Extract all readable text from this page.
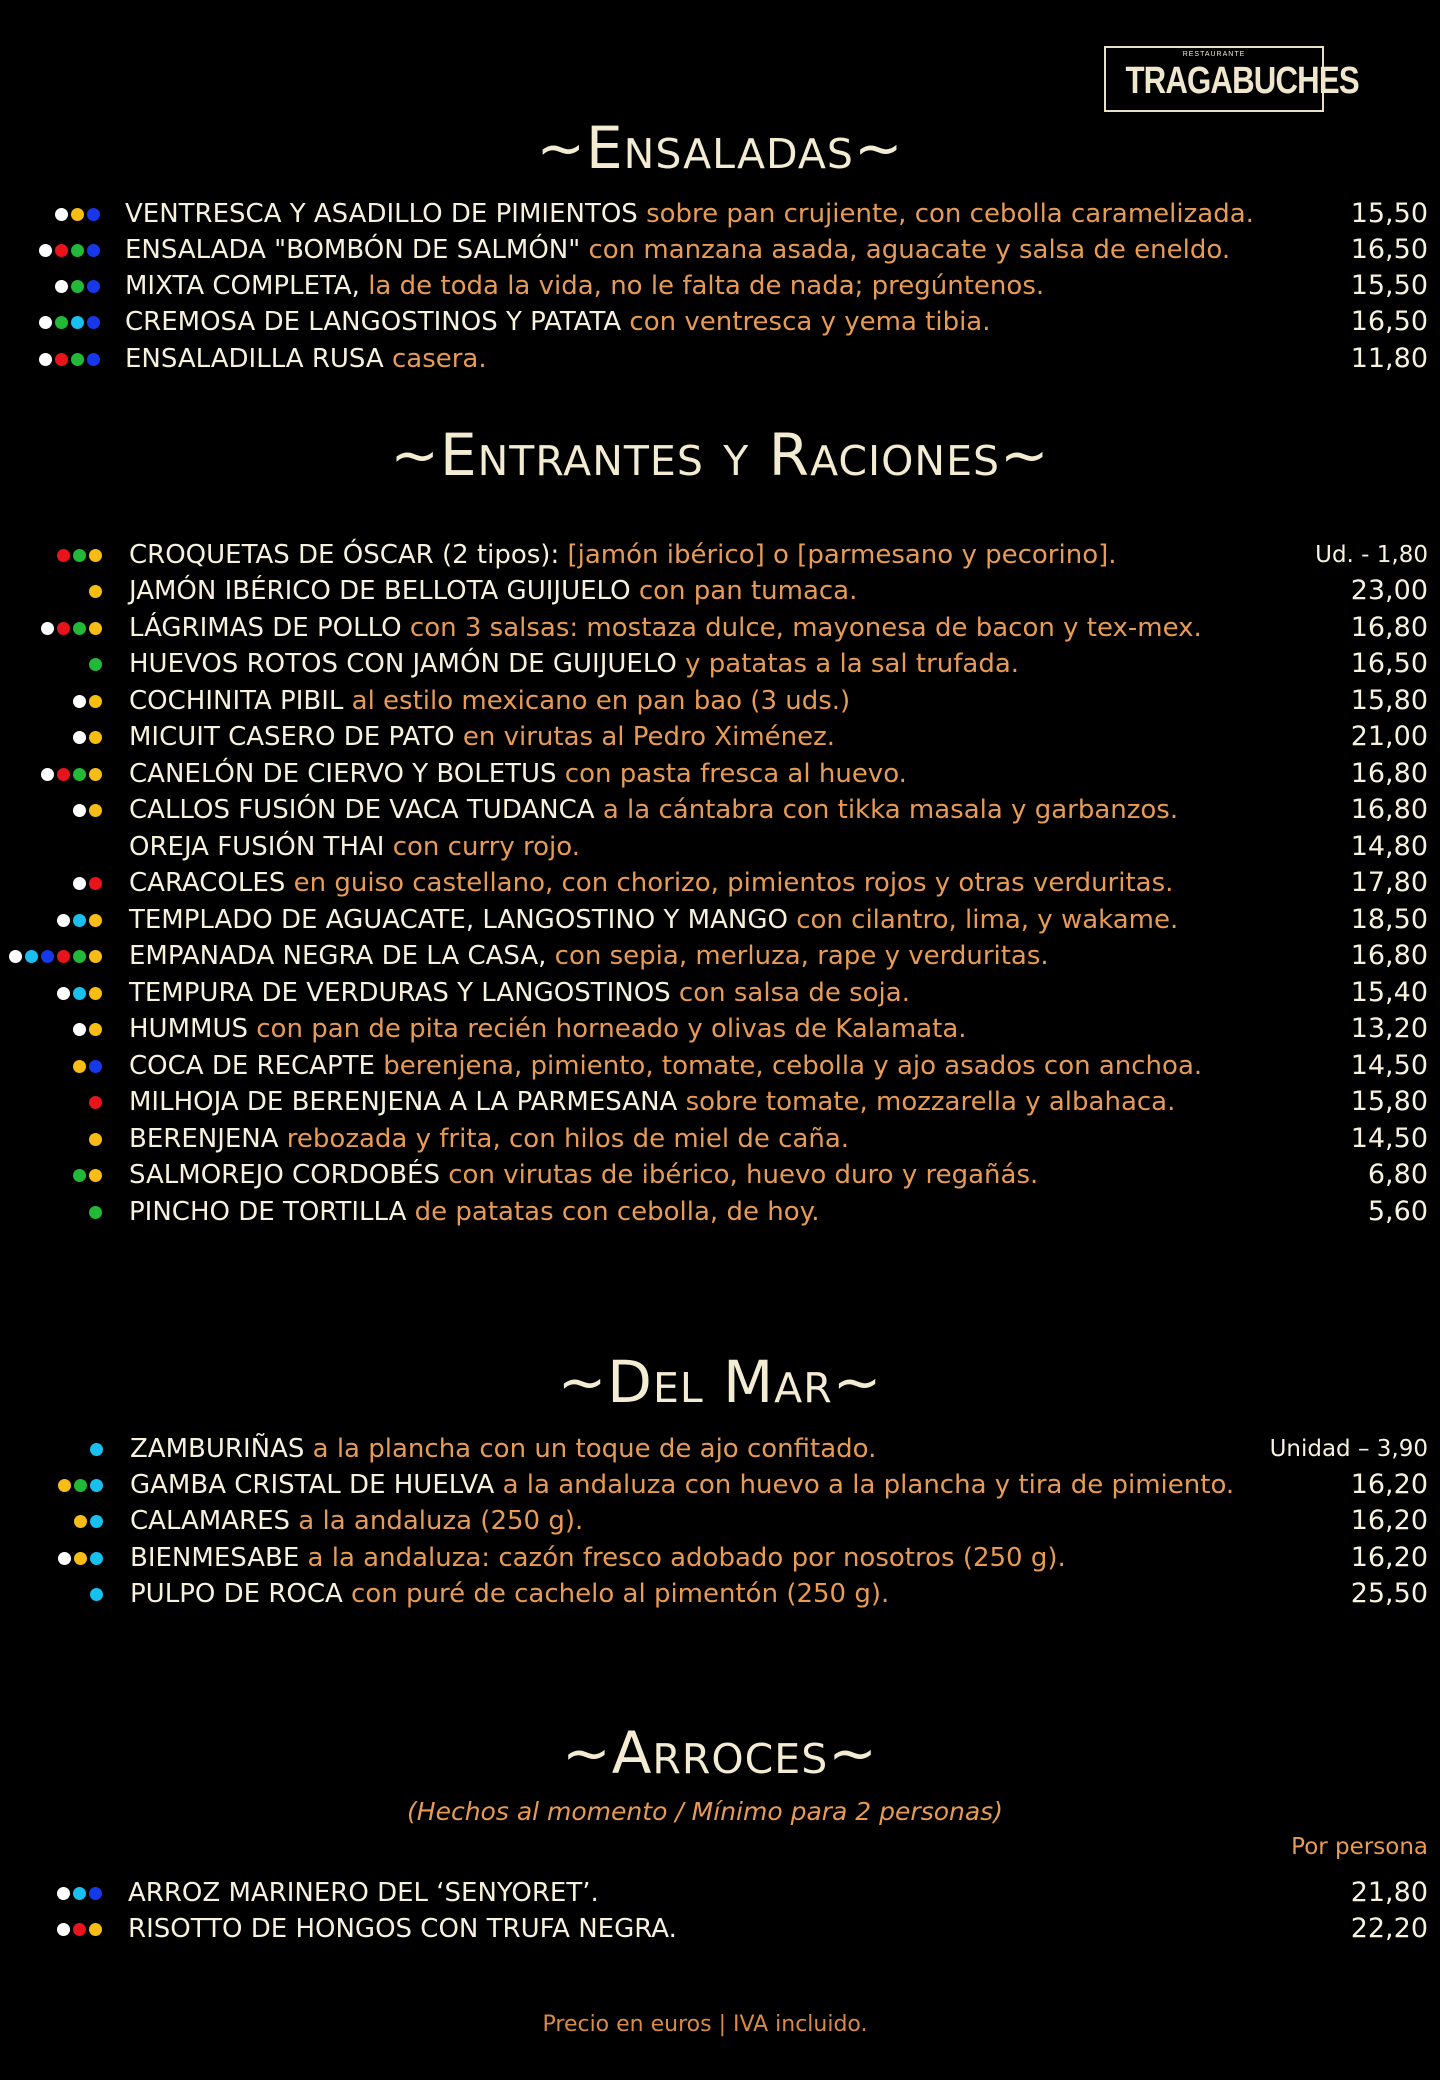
RESTAURANTE
TRAGABUCHES
~Ensaladas~
VENTRESCA Y ASADILLO DE PIMIENTOS sobre pan crujiente, con cebolla caramelizada.	15,50
ENSALADA "BOMBÓN DE SALMÓN" con manzana asada, aguacate y salsa de eneldo.	16,50
MIXTA COMPLETA, la de toda la vida, no le falta de nada; pregúntenos.	15,50
CREMOSA DE LANGOSTINOS Y PATATA con ventresca y yema tibia.	16,50
ENSALADILLA RUSA casera.	11,80
~Entrantes y Raciones~
CROQUETAS DE ÓSCAR (2 tipos): [jamón ibérico] o [parmesano y pecorino].	Ud. - 1,80
JAMÓN IBÉRICO DE BELLOTA GUIJUELO con pan tumaca.	23,00
LÁGRIMAS DE POLLO con 3 salsas: mostaza dulce, mayonesa de bacon y tex-mex.	16,80
HUEVOS ROTOS CON JAMÓN DE GUIJUELO y patatas a la sal trufada.	16,50
COCHINITA PIBIL al estilo mexicano en pan bao (3 uds.)	15,80
MICUIT CASERO DE PATO en virutas al Pedro Ximénez.	21,00
CANELÓN DE CIERVO Y BOLETUS con pasta fresca al huevo.	16,80
CALLOS FUSIÓN DE VACA TUDANCA a la cántabra con tikka masala y garbanzos.	16,80
OREJA FUSIÓN THAI con curry rojo.	14,80
CARACOLES en guiso castellano, con chorizo, pimientos rojos y otras verduritas.	17,80
TEMPLADO DE AGUACATE, LANGOSTINO Y MANGO con cilantro, lima, y wakame.	18,50
EMPANADA NEGRA DE LA CASA, con sepia, merluza, rape y verduritas.	16,80
TEMPURA DE VERDURAS Y LANGOSTINOS con salsa de soja.	15,40
HUMMUS con pan de pita recién horneado y olivas de Kalamata.	13,20
COCA DE RECAPTE berenjena, pimiento, tomate, cebolla y ajo asados con anchoa.	14,50
MILHOJA DE BERENJENA A LA PARMESANA sobre tomate, mozzarella y albahaca.	15,80
BERENJENA rebozada y frita, con hilos de miel de caña.	14,50
SALMOREJO CORDOBÉS con virutas de ibérico, huevo duro y regañás.	6,80
PINCHO DE TORTILLA de patatas con cebolla, de hoy.	5,60
~Del Mar~
ZAMBURIÑAS a la plancha con un toque de ajo confitado.	Unidad – 3,90
GAMBA CRISTAL DE HUELVA a la andaluza con huevo a la plancha y tira de pimiento.	16,20
CALAMARES a la andaluza (250 g).	16,20
BIENMESABE a la andaluza: cazón fresco adobado por nosotros (250 g).	16,20
PULPO DE ROCA con puré de cachelo al pimentón (250 g).	25,50
~Arroces~
(Hechos al momento / Mínimo para 2 personas)
Por persona
ARROZ MARINERO DEL ‘SENYORET’.	21,80
RISOTTO DE HONGOS CON TRUFA NEGRA.	22,20
Precio en euros | IVA incluido.
